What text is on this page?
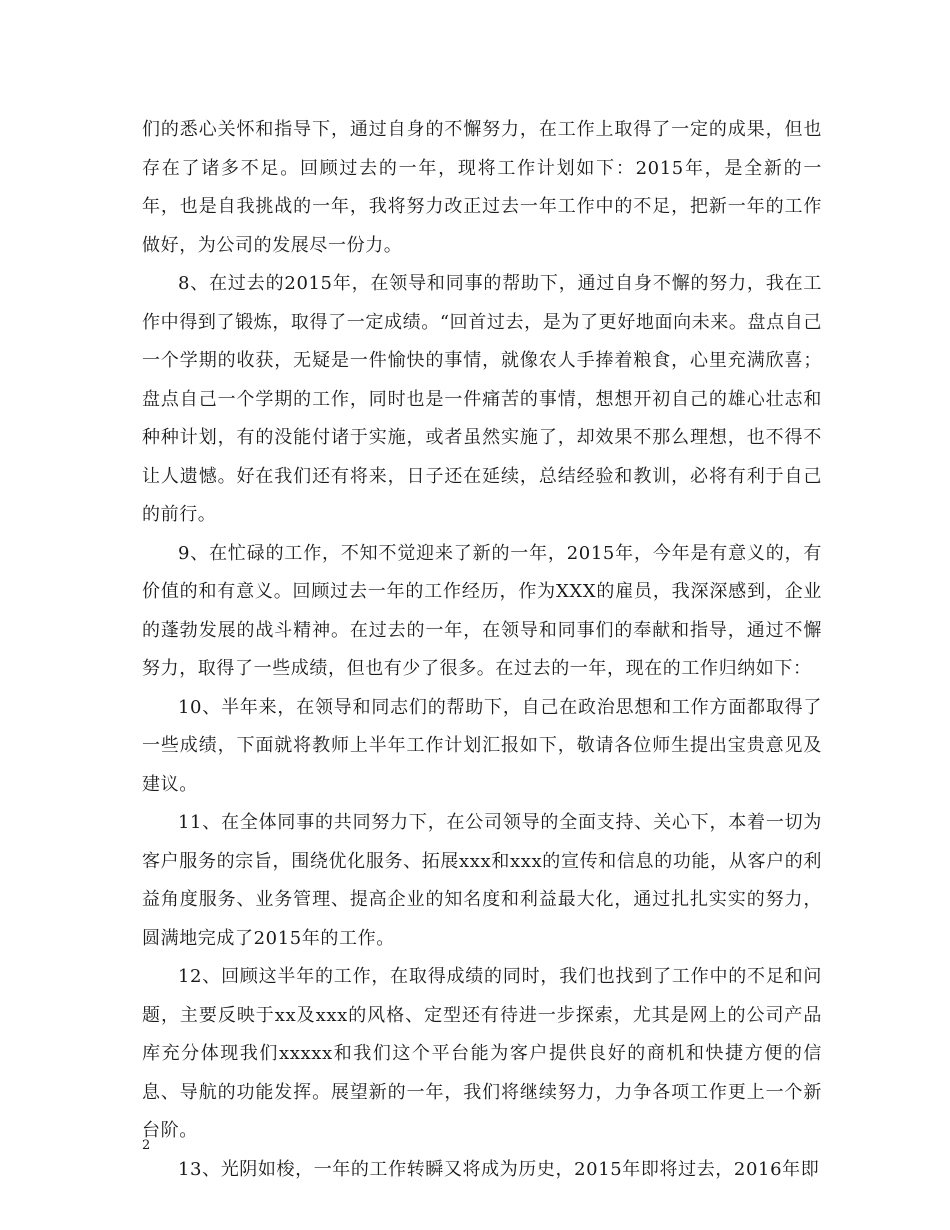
们的悉心关怀和指导下，通过自身的不懈努力，在工作上取得了一定的成果，但也存在了诸多不足。回顾过去的一年，现将工作计划如下：2015年，是全新的一年，也是自我挑战的一年，我将努力改正过去一年工作中的不足，把新一年的工作做好，为公司的发展尽一份力。

8、在过去的2015年，在领导和同事的帮助下，通过自身不懈的努力，我在工作中得到了锻炼，取得了一定成绩。“回首过去，是为了更好地面向未来。盘点自己一个学期的收获，无疑是一件愉快的事情，就像农人手捧着粮食，心里充满欣喜；盘点自己一个学期的工作，同时也是一件痛苦的事情，想想开初自己的雄心壮志和种种计划，有的没能付诸于实施，或者虽然实施了，却效果不那么理想，也不得不让人遗憾。好在我们还有将来，日子还在延续，总结经验和教训，必将有利于自己的前行。

9、在忙碌的工作，不知不觉迎来了新的一年，2015年，今年是有意义的，有价值的和有意义。回顾过去一年的工作经历，作为XXX的雇员，我深深感到，企业的蓬勃发展的战斗精神。在过去的一年，在领导和同事们的奉献和指导，通过不懈努力，取得了一些成绩，但也有少了很多。在过去的一年，现在的工作归纳如下：

10、半年来，在领导和同志们的帮助下，自己在政治思想和工作方面都取得了一些成绩，下面就将教师上半年工作计划汇报如下，敬请各位师生提出宝贵意见及建议。

11、在全体同事的共同努力下，在公司领导的全面支持、关心下，本着一切为客户服务的宗旨，围绕优化服务、拓展xxx和xxx的宣传和信息的功能，从客户的利益角度服务、业务管理、提高企业的知名度和利益最大化，通过扎扎实实的努力，圆满地完成了2015年的工作。

12、回顾这半年的工作，在取得成绩的同时，我们也找到了工作中的不足和问题，主要反映于xx及xxx的风格、定型还有待进一步探索，尤其是网上的公司产品库充分体现我们xxxxx和我们这个平台能为客户提供良好的商机和快捷方便的信息、导航的功能发挥。展望新的一年，我们将继续努力，力争各项工作更上一个新台阶。

13、光阴如梭，一年的工作转瞬又将成为历史，2015年即将过去，2016年即

2
